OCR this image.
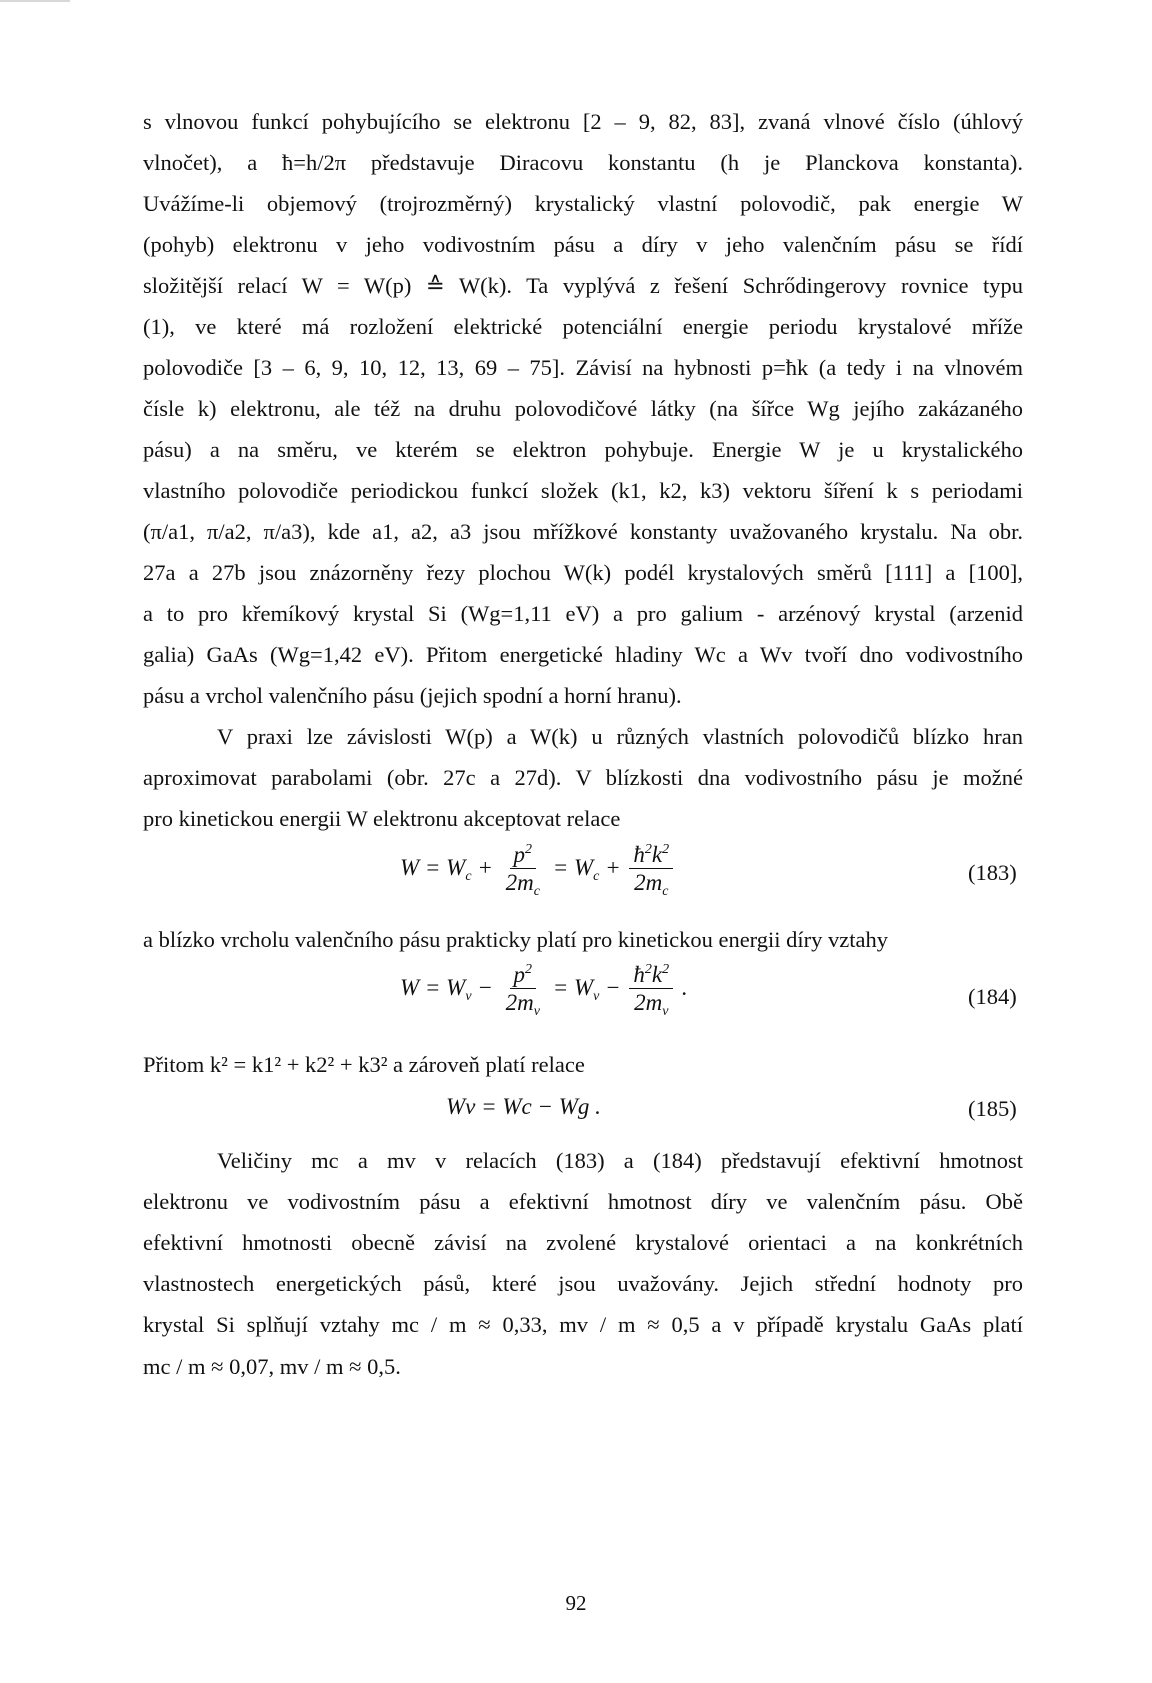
s vlnovou funkcí pohybujícího se elektronu [2 – 9, 82, 83], zvaná vlnové číslo (úhlový
vlnočet), a ħ=h/2π představuje Diracovu konstantu (h je Planckova konstanta).
Uvážíme-li objemový (trojrozměrný) krystalický vlastní polovodič, pak energie W
(pohyb) elektronu v jeho vodivostním pásu a díry v jeho valenčním pásu se řídí
složitější relací W = W(p) ≙ W(k). Ta vyplývá z řešení Schrődingerovy rovnice typu
(1), ve které má rozložení elektrické potenciální energie periodu krystalové mříže
polovodiče [3 – 6, 9, 10, 12, 13, 69 – 75]. Závisí na hybnosti p=ħk (a tedy i na vlnovém
čísle k) elektronu, ale též na druhu polovodičové látky (na šířce Wg jejího zakázaného
pásu) a na směru, ve kterém se elektron pohybuje. Energie W je u krystalického
vlastního polovodiče periodickou funkcí složek (k1, k2, k3) vektoru šíření k s periodami
(π/a1, π/a2, π/a3), kde a1, a2, a3 jsou mřížkové konstanty uvažovaného krystalu. Na obr.
27a a 27b jsou znázorněny řezy plochou W(k) podél krystalových směrů [111] a [100],
a to pro křemíkový krystal Si (Wg=1,11 eV) a pro galium - arzénový krystal (arzenid
galia) GaAs (Wg=1,42 eV). Přitom energetické hladiny Wc a Wv tvoří dno vodivostního
pásu a vrchol valenčního pásu (jejich spodní a horní hranu).
V praxi lze závislosti W(p) a W(k) u různých vlastních polovodičů blízko hran
aproximovat parabolami (obr. 27c a 27d). V blízkosti dna vodivostního pásu je možné
pro kinetickou energii W elektronu akceptovat relace
$W = W_c + \frac{p^2}{2m_c} = W_c + \frac{ħ^2k^2}{2m_c}$	(183)
a blízko vrcholu valenčního pásu prakticky platí pro kinetickou energii díry vztahy
$W = W_v - \frac{p^2}{2m_v} = W_v - \frac{ħ^2k^2}{2m_v}$ .	(184)
Přitom k² = k1² + k2² + k3² a zároveň platí relace
Wv = Wc − Wg .	(185)
Veličiny mc a mv v relacích (183) a (184) představují efektivní hmotnost
elektronu ve vodivostním pásu a efektivní hmotnost díry ve valenčním pásu. Obě
efektivní hmotnosti obecně závisí na zvolené krystalové orientaci a na konkrétních
vlastnostech energetických pásů, které jsou uvažovány. Jejich střední hodnoty pro
krystal Si splňují vztahy mc / m ≈ 0,33, mv / m ≈ 0,5 a v případě krystalu GaAs platí
mc / m ≈ 0,07, mv / m ≈ 0,5.
92
